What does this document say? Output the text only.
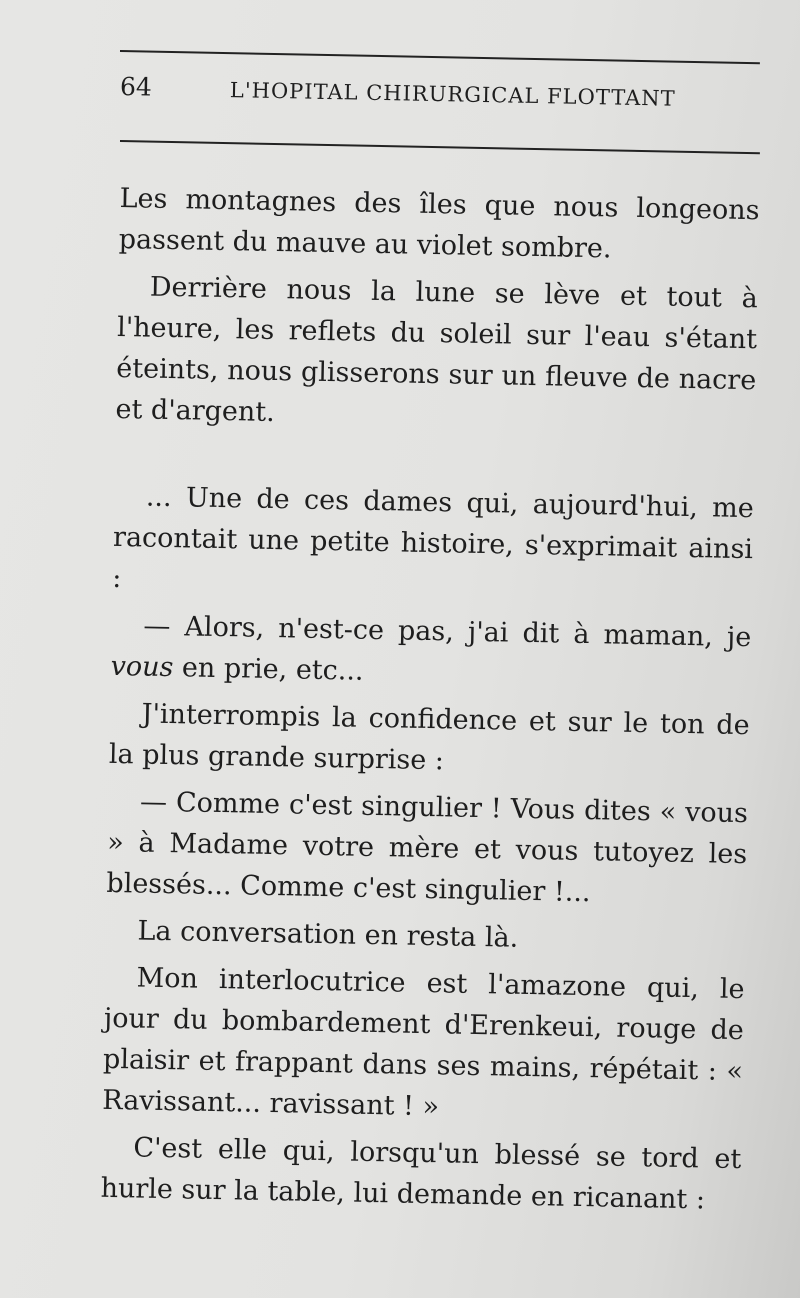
64	L'HOPITAL CHIRURGICAL FLOTTANT

Les montagnes des îles que nous longeons passent du mauve au violet sombre.

Derrière nous la lune se lève et tout à l'heure, les reflets du soleil sur l'eau s'étant éteints, nous glisserons sur un fleuve de nacre et d'argent.

... Une de ces dames qui, aujourd'hui, me racontait une petite histoire, s'exprimait ainsi :

— Alors, n'est-ce pas, j'ai dit à maman, je vous en prie, etc...

J'interrompis la confidence et sur le ton de la plus grande surprise :

— Comme c'est singulier ! Vous dites « vous » à Madame votre mère et vous tutoyez les blessés... Comme c'est singulier !...

La conversation en resta là.

Mon interlocutrice est l'amazone qui, le jour du bombardement d'Erenkeui, rouge de plaisir et frappant dans ses mains, répétait : « Ravissant... ravissant ! »

C'est elle qui, lorsqu'un blessé se tord et hurle sur la table, lui demande en ricanant :
